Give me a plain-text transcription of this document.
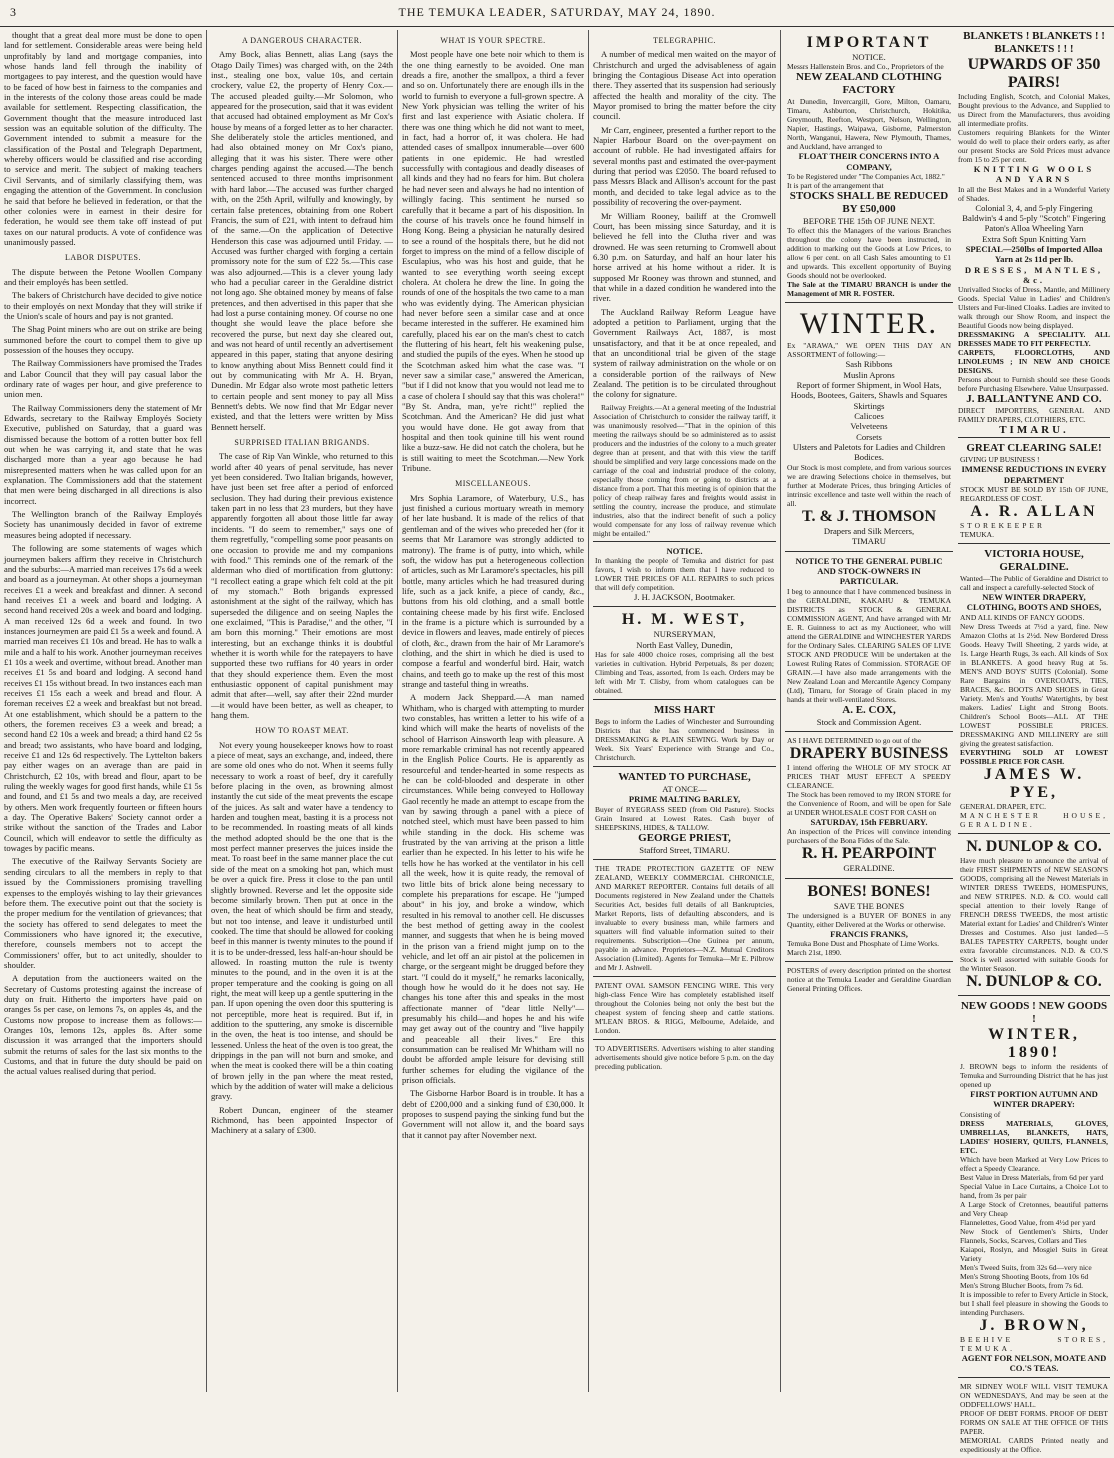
3	THE TEMUKA LEADER, SATURDAY, MAY 24, 1890.

thought that a great deal more must be done to open land for settlement. Considerable areas were being held unprofitably by land and mortgage companies, into whose hands land fell through the inability of mortgagees to pay interest, and the question would have to be faced of how best in fairness to the companies and in the interests of the colony those areas could be made available for settlement. Respecting classification, the Government thought that the measure introduced last session was an equitable solution of the difficulty. The Government intended to submit a measure for the classification of the Postal and Telegraph Department, whereby officers would be classified and rise according to service and merit. The subject of making teachers Civil Servants, and of similarly classifying them, was engaging the attention of the Government. In conclusion he said that before he believed in federation, or that the other colonies were in earnest in their desire for federation, he would see them take off instead of put taxes on our natural products. A vote of confidence was unanimously passed.

LABOR DISPUTES.

The dispute between the Petone Woollen Company and their employés has been settled.

The bakers of Christchurch have decided to give notice to their employés on next Monday that they will strike if the Union's scale of hours and pay is not granted.

The Shag Point miners who are out on strike are being summoned before the court to compel them to give up possession of the houses they occupy.

The Railway Commissioners have promised the Trades and Labor Council that they will pay casual labor the ordinary rate of wages per hour, and give preference to union men.

The Railway Commissioners deny the statement of Mr Edwards, secretary to the Railway Employés Society Executive, published on Saturday, that a guard was dismissed because the bottom of a rotten butter box fell out when he was carrying it, and state that he was discharged more than a year ago because he had misrepresented matters when he was called upon for an explanation. The Commissioners add that the statement that men were being discharged in all directions is also incorrect.

The Wellington branch of the Railway Employés Society has unanimously decided in favor of extreme measures being adopted if necessary.

The following are some statements of wages which journeymen bakers affirm they receive in Christchurch and the suburbs:—A married man receives 17s 6d a week and board as a journeyman. At other shops a journeyman receives £1 a week and breakfast and dinner. A second hand receives £1 a week and board and lodging. A second hand received 20s a week and board and lodging. A man received 12s 6d a week and found. In two instances journeymen are paid £1 5s a week and found. A married man receives £1 10s and bread. He has to walk a mile and a half to his work. Another journeyman receives £1 10s a week and overtime, without bread. Another man receives £1 5s and board and lodging. A second hand receives £1 15s without bread. In two instances each man receives £1 15s each a week and bread and flour. A foreman receives £2 a week and breakfast but not bread. At one establishment, which should be a pattern to the others, the foremen receives £3 a week and bread; a second hand £2 10s a week and bread; a third hand £2 5s and bread; two assistants, who have board and lodging, receive £1 and 12s 6d respectively. The Lyttelton bakers pay either wages on an average than are paid in Christchurch, £2 10s, with bread and flour, apart to be ruling the weekly wages for good first hands, while £1 5s and found, and £1 5s and two meals a day, are received by others. Men work frequently fourteen or fifteen hours a day. The Operative Bakers' Society cannot order a strike without the sanction of the Trades and Labor Council, which will endeavor to settle the difficulty as towages by pacific means.

The executive of the Railway Servants Society are sending circulars to all the members in reply to that issued by the Commissioners promising travelling expenses to the employés wishing to lay their grievances before them. The executive point out that the society is the proper medium for the ventilation of grievances; that the society has offered to send delegates to meet the Commissioners who have ignored it; the executive, therefore, counsels members not to accept the Commissioners' offer, but to act unitedly, shoulder to shoulder.

A deputation from the auctioneers waited on the Secretary of Customs protesting against the increase of duty on fruit. Hitherto the importers have paid on oranges 5s per case, on lemons 7s, on apples 4s, and the Customs now propose to increase them as follows:—Oranges 10s, lemons 12s, apples 8s. After some discussion it was arranged that the importers should submit the returns of sales for the last six months to the Customs, and that in future the duty should be paid on the actual values realised during that period.

A DANGEROUS CHARACTER.

Amy Bock, alias Bennett, alias Lang (says the Otago Daily Times) was charged with, on the 24th inst., stealing one box, value 10s, and certain crockery, value £2, the property of Henry Cox.—The accused pleaded guilty.—Mr Solomon, who appeared for the prosecution, said that it was evident that accused had obtained employment as Mr Cox's house by means of a forged letter as to her character. She deliberately stole the articles mentioned, and had also obtained money on Mr Cox's piano, alleging that it was his sister. There were other charges pending against the accused.—The bench sentenced accused to three months imprisonment with hard labor.—The accused was further charged with, on the 25th April, wilfully and knowingly, by certain false pretences, obtaining from one Robert Francis, the sum of £21, with intent to defraud him of the same.—On the application of Detective Henderson this case was adjourned until Friday. —Accused was further charged with forging a certain promissory note for the sum of £22 5s.—This case was also adjourned.—This is a clever young lady who had a peculiar career in the Geraldine district not long ago. She obtained money by means of false pretences, and then advertised in this paper that she had lost a purse containing money. Of course no one thought she would leave the place before she recovered the purse, but next day she cleared out, and was not heard of until recently an advertisement appeared in this paper, stating that anyone desiring to know anything about Miss Bennett could find it out by communicating with Mr A. H. Bryan, Dunedin. Mr Edgar also wrote most pathetic letters to certain people and sent money to pay all Miss Bennett's debts. We now find that Mr Edgar never existed, and that the letters were written by Miss Bennett herself.

SURPRISED ITALIAN BRIGANDS.

The case of Rip Van Winkle, who returned to this world after 40 years of penal servitude, has never yet been considered. Two Italian brigands, however, have just been set free after a period of enforced seclusion. They had during their previous existence taken part in no less that 23 murders, but they have apparently forgotten all about those little far away incidents. "I do seem to remember," says one of them regretfully, "compelling some poor peasants on one occasion to provide me and my companions with food." This reminds one of the remark of the alderman who died of mortification from gluttony: "I recollect eating a grape which felt cold at the pit of my stomach." Both brigands expressed astonishment at the sight of the railway, which has superseded the diligence and on seeing Naples the one exclaimed, "This is Paradise," and the other, "I am born this morning." Their emotions are most interesting, but an exchange thinks it is doubtful whether it is worth while for the ratepayers to have supported these two ruffians for 40 years in order that they should experience them. Even the most enthusiastic opponent of capital punishment may admit that after—well, say after their 22nd murder—it would have been better, as well as cheaper, to hang them.

HOW TO ROAST MEAT.

Not every young housekeeper knows how to roast a piece of meat, says an exchange, and, indeed, there are some old ones who do not. When it seems fully necessary to work a roast of beef, dry it carefully before placing in the oven, as browning almost instantly the cut side of the meat prevents the escape of the juices. As salt and water have a tendency to harden and toughen meat, basting it is a process not to be recommended. In roasting meats of all kinds the method adopted should be the one that is the most perfect manner preserves the juices inside the meat. To roast beef in the same manner place the cut side of the meat on a smoking hot pan, which must be over a quick fire. Press it close to the pan until slightly browned. Reverse and let the opposite side become similarly brown. Then put at once in the oven, the heat of which should be firm and steady, but not too intense, and leave it undisturbed until cooked. The time that should be allowed for cooking beef in this manner is twenty minutes to the pound if it is to be under-dressed, less half-an-hour should be allowed. In roasting mutton the rule is twenty minutes to the pound, and in the oven it is at the proper temperature and the cooking is going on all right, the meat will keep up a gentle sputtering in the pan. If upon opening the oven door this sputtering is not perceptible, more heat is required. But if, in addition to the sputtering, any smoke is discernible in the oven, the heat is too intense, and should be lessened. Unless the heat of the oven is too great, the drippings in the pan will not burn and smoke, and when the meat is cooked there will be a thin coating of brown jelly in the pan where the meat rested, which by the addition of water will make a delicious gravy.

Robert Duncan, engineer of the steamer Richmond, has been appointed Inspector of Machinery at a salary of £300.

WHAT IS YOUR SPECTRE.

Most people have one bete noir which to them is the one thing earnestly to be avoided. One man dreads a fire, another the smallpox, a third a fever and so on. Unfortunately there are enough ills in the world to furnish to everyone a full-grown spectre. A New York physician was telling the writer of his first and last experience with Asiatic cholera. If there was one thing which he did not want to meet, in fact, had a horror of, it was cholera. He had attended cases of smallpox innumerable—over 600 patients in one epidemic. He had wrestled successfully with contagious and deadly diseases of all kinds and they had no fears for him. But cholera he had never seen and always he had no intention of willingly facing. This sentiment he nursed so carefully that it became a part of his disposition. In the course of his travels once he found himself in Hong Kong. Being a physician he naturally desired to see a round of the hospitals there, but he did not forget to impress on the mind of a fellow disciple of Esculapius, who was his host and guide, that he wanted to see everything worth seeing except cholera. At cholera he drew the line. In going the rounds of one of the hospitals the two came to a man who was evidently dying. The American physician had never before seen a similar case and at once became interested in the sufferer. He examined him carefully, placed his ear on the man's chest to catch the fluttering of his heart, felt his weakening pulse, and studied the pupils of the eyes. When he stood up the Scotchman asked him what the case was. "I never saw a similar case," answered the American, "but if I did not know that you would not lead me to a case of cholera I should say that this was cholera!" "By St. Andra, man, ye're richt!" replied the Scotchman. And the American? He did just what you would have done. He got away from that hospital and then took quinine till his went round like a buzz-saw. He did not catch the cholera, but he is still waiting to meet the Scotchman.—New York Tribune.

MISCELLANEOUS.

Mrs Sophia Laramore, of Waterbury, U.S., has just finished a curious mortuary wreath in memory of her late husband. It is made of the relics of that gentleman and of the wives who preceded her (for it seems that Mr Laramore was strongly addicted to matrony). The frame is of putty, into which, while soft, the widow has put a heterogeneous collection of articles, such as Mr Laramore's spectacles, his pill bottle, many articles which he had treasured during life, such as a jack knife, a piece of candy, &c., buttons from his old clothing, and a small bottle containing cheese made by his first wife. Enclosed in the frame is a picture which is surrounded by a device in flowers and leaves, made entirely of pieces of cloth, &c., drawn from the hair of Mr Laramore's clothing, and the shirt in which he died is used to compose a fearful and wonderful bird. Hair, watch chains, and teeth go to make up the rest of this most strange and tasteful thing in wreaths.

A modern Jack Sheppard.—A man named Whitham, who is charged with attempting to murder two constables, has written a letter to his wife of a kind which will make the hearts of novelists of the school of Harrison Ainsworth leap with pleasure. A more remarkable criminal has not recently appeared in the English Police Courts. He is apparently as resourceful and tender-hearted in some respects as he can be cold-blooded and desperate in other circumstances. While being conveyed to Holloway Gaol recently he made an attempt to escape from the van by sawing through a panel with a piece of notched steel, which must have been passed to him while standing in the dock. His scheme was frustrated by the van arriving at the prison a little earlier than he expected. In his letter to his wife he tells how he has worked at the ventilator in his cell all the week, how it is quite ready, the removal of two little bits of brick alone being necessary to complete his preparations for escape. He "jumped about" in his joy, and broke a window, which resulted in his removal to another cell. He discusses the best method of getting away in the coolest manner, and suggests that when he is being moved in the prison van a friend might jump on to the vehicle, and let off an air pistol at the policemen in charge, or the sergeant might be drugged before they start. "I could do it myself," he remarks laconically, though how he would do it he does not say. He changes his tone after this and speaks in the most affectionate manner of "dear little Nelly"—presumably his child—and hopes he and his wife may get away out of the country and "live happily and peaceable all their lives." Ere this consummation can be realised Mr Whitham will no doubt be afforded ample leisure for devising still further schemes for eluding the vigilance of the prison officials.

The Gisborne Harbor Board is in trouble. It has a debt of £200,000 and a sinking fund of £30,000. It proposes to suspend paying the sinking fund but the Government will not allow it, and the board says that it cannot pay after November next.

TELEGRAPHIC.

A number of medical men waited on the mayor of Christchurch and urged the advisableness of again bringing the Contagious Disease Act into operation there. They asserted that its suspension had seriously affected the health and morality of the city. The Mayor promised to bring the matter before the city council.

Mr Carr, engineer, presented a further report to the Napier Harbour Board on the over-payment on account of rubble. He had investigated affairs for several months past and estimated the over-payment during that period was £2050. The board refused to pass Messrs Black and Allison's account for the past month, and decided to take legal advice as to the possibility of recovering the over-payment.

Mr William Rooney, bailiff at the Cromwell Court, has been missing since Saturday, and it is believed he fell into the Clutha river and was drowned. He was seen returning to Cromwell about 6.30 p.m. on Saturday, and half an hour later his horse arrived at his home without a rider. It is supposed Mr Rooney was thrown and stunned, and that while in a dazed condition he wandered into the river.

The Auckland Railway Reform League have adopted a petition to Parliament, urging that the Government Railways Act, 1887, is most unsatisfactory, and that it be at once repealed, and that an unconditional trial be given of the stage system of railway administration on the whole or on a considerable portion of the railways of New Zealand. The petition is to be circulated throughout the colony for signature.

Railway Freights.—At a general meeting of the Industrial Association of Christchurch to consider the railway tariff, it was unanimously resolved—"That in the opinion of this meeting the railways should be so administered as to assist producers and the industries of the colony to a much greater degree than at present, and that with this view the tariff should be simplified and very large concessions made on the carriage of the coal and industrial produce of the colony, especially those coming from or going to districts at a distance from a port. That this meeting is of opinion that the policy of cheap railway fares and freights would assist in settling the country, increase the produce, and stimulate industries, also that the indirect benefit of such a policy would compensate for any loss of railway revenue which might be entailed."

NOTICE.
In thanking the people of Temuka and district for past favors, I wish to inform them that I have reduced to LOWER THE PRICES OF ALL REPAIRS to such prices that will defy competition.
J. H. JACKSON, Bootmaker.
H. M. WEST,
NURSERYMAN,
North East Valley, Dunedin,
Has for sale 4000 choice roses, comprising all the best varieties in cultivation. Hybrid Perpetuals, 8s per dozen; Climbing and Teas, assorted, from 1s each. Orders may be left with Mr T. Clisby, from whom catalogues can be obtained.
MISS HART
Begs to inform the Ladies of Winchester and Surrounding Districts that she has commenced business in DRESSMAKING & PLAIN SEWING. Work by Day or Week. Six Years' Experience with Strange and Co., Christchurch.
WANTED TO PURCHASE,
AT ONCE—
PRIME MALTING BARLEY,
Buyer of RYEGRASS SEED (from Old Pasture). Stocks Grain Insured at Lowest Rates. Cash buyer of SHEEPSKINS, HIDES, & TALLOW.
GEORGE PRIEST,
Stafford Street, TIMARU.
THE TRADE PROTECTION GAZETTE OF NEW ZEALAND, WEEKLY COMMERCIAL CHRONICLE, AND MARKET REPORTER. Contains full details of all Documents registered in New Zealand under the Chattels Securities Act, besides full details of all Bankruptcies, Market Reports, lists of defaulting absconders, and is invaluable to every business man, while farmers and squatters will find valuable information suited to their requirements. Subscription—One Guinea per annum, payable in advance. Proprietors—N.Z. Mutual Creditors Association (Limited). Agents for Temuka—Mr E. Pilbrow and Mr J. Ashwell.
PATENT OVAL SAMSON FENCING WIRE. This very high-class Fence Wire has completely established itself throughout the Colonies being not only the best but the cheapest system of fencing sheep and cattle stations. M'LEAN BROS. & RIGG, Melbourne, Adelaide, and London.
TO ADVERTISERS. Advertisers wishing to alter standing advertisements should give notice before 5 p.m. on the day preceding publication.
IMPORTANT
NOTICE.
Messrs Hallenstein Bros. and Co., Proprietors of the
NEW ZEALAND CLOTHING FACTORY
At Dunedin, Invercargill, Gore, Milton, Oamaru, Timaru, Ashburton, Christchurch, Hokitika, Greymouth, Reefton, Westport, Nelson, Wellington, Napier, Hastings, Waipawa, Gisborne, Palmerston North, Wanganui, Hawera, New Plymouth, Thames, and Auckland, have arranged to
FLOAT THEIR CONCERNS INTO A COMPANY,
To be Registered under "The Companies Act, 1882."
It is part of the arrangement that
STOCKS SHALL BE REDUCED BY £50,000
BEFORE THE 15th OF JUNE NEXT.
To effect this the Managers of the various Branches throughout the colony have been instructed, in addition to marking out the Goods at Low Prices, to allow 6 per cent. on all Cash Sales amounting to £1 and upwards. This excellent opportunity of Buying Goods should not be overlooked.
The Sale at the TIMARU BRANCH is under the Management of MR R. FOSTER.
WINTER.
Ex "ARAWA," WE OPEN THIS DAY AN ASSORTMENT of following:—
Sash Ribbons
Muslin Aprons
Report of former Shipment, in Wool Hats, Hoods, Bootees, Gaiters, Shawls and Squares
Skirtings
Calicoes
Velveteens
Corsets
Ulsters and Paletots for Ladies and Children
Bodices.
Our Stock is most complete, and from various sources we are drawing Selections choice in themselves, but further at Moderate Prices, thus bringing Articles of intrinsic excellence and taste well within the reach of all.
T. & J. THOMSON
Drapers and Silk Mercers,
TIMARU
NOTICE TO THE GENERAL PUBLIC AND STOCK-OWNERS IN PARTICULAR.
I beg to announce that I have commenced business in the GERALDINE, KAKAHU & TEMUKA DISTRICTS as STOCK & GENERAL COMMISSION AGENT, And have arranged with Mr E. R. Guinness to act as my Auctioneer, who will attend the GERALDINE and WINCHESTER YARDS for the Ordinary Sales. CLEARING SALES OF LIVE STOCK AND PRODUCE Will be undertaken at the Lowest Ruling Rates of Commission. STORAGE OF GRAIN.—I have also made arrangements with the New Zealand Loan and Mercantile Agency Company (Ltd), Timaru, for Storage of Grain placed in my hands at their well-ventilated Stores.
A. E. COX,
Stock and Commission Agent.
AS I HAVE DETERMINED to go out of the
DRAPERY BUSINESS
I intend offering the WHOLE OF MY STOCK AT PRICES THAT MUST EFFECT A SPEEDY CLEARANCE.
The Stock has been removed to my IRON STORE for the Convenience of Room, and will be open for Sale at UNDER WHOLESALE COST FOR CASH on
SATURDAY, 15th FEBRUARY.
An inspection of the Prices will convince intending purchasers of the Bona Fides of the Sale.
R. H. PEARPOINT
GERALDINE.
BONES! BONES!
SAVE THE BONES
The undersigned is a BUYER OF BONES in any Quantity, either Delivered at the Works or otherwise.
FRANCIS FRANKS,
Temuka Bone Dust and Phosphate of Lime Works.
March 21st, 1890.
POSTERS of every description printed on the shortest notice at the Temuka Leader and Geraldine Guardian General Printing Offices.
BLANKETS ! BLANKETS ! ! BLANKETS ! ! !
UPWARDS OF 350 PAIRS!
Including English, Scotch, and Colonial Makes, Bought previous to the Advance, and Supplied to us Direct from the Manufacturers, thus avoiding all intermediate profits.
Customers requiring Blankets for the Winter would do well to place their orders early, as after our present Stocks are Sold Prices must advance from 15 to 25 per cent.
KNITTING WOOLS AND YARNS
In all the Best Makes and in a Wonderful Variety of Shades.
Colonial 3, 4, and 5-ply Fingering
Baldwin's 4 and 5-ply "Scotch" Fingering
Paton's Alloa Wheeling Yarn
Extra Soft Spun Knitting Yarn
SPECIAL—250lbs of Imported Alloa Yarn at 2s 11d per lb.
DRESSES, MANTLES, &c.
Unrivalled Stocks of Dress, Mantle, and Millinery Goods. Special Value in Ladies' and Children's Ulsters and Fur-lined Cloaks. Ladies are invited to walk through our Show Room, and inspect the Beautiful Goods now being displayed.
DRESSMAKING A SPECIALITY. ALL DRESSES MADE TO FIT PERFECTLY.
CARPETS, FLOORCLOTHS, AND LINOLEUMS ; IN NEW AND CHOICE DESIGNS.
Persons about to Furnish should see these Goods before Purchasing Elsewhere. Value Unsurpassed.
J. BALLANTYNE AND CO.
DIRECT IMPORTERS, GENERAL AND FAMILY DRAPERS, CLOTHIERS, ETC.
TIMARU.
GREAT CLEARING SALE!
GIVING UP BUSINESS !
IMMENSE REDUCTIONS IN EVERY DEPARTMENT
STOCK MUST BE SOLD BY 15th OF JUNE, REGARDLESS OF COST.
A. R. ALLAN
STOREKEEPER
TEMUKA.
VICTORIA HOUSE, GERALDINE.
Wanted—The Public of Geraldine and District to call and inspect a carefully-selected Stock of
NEW WINTER DRAPERY, CLOTHING, BOOTS AND SHOES,
AND ALL KINDS OF FANCY GOODS.
New Dress Tweeds at 7½d a yard, fine. New Amazon Cloths at 1s 2½d. New Bordered Dress Goods. Heavy Twill Sheeting, 2 yards wide, at 1s. Large Hearth Rugs, 3s each. All kinds of Sox in BLANKETS. A good heavy Rug at 5s. MEN'S AND BOYS' SUITS (Colonial). Some Rare Bargains in OVERCOATS, TIES, BRACES, &c. BOOTS AND SHOES in Great Variety. Men's and Youths' Watertights, by best makers. Ladies' Light and Strong Boots. Children's School Boots—ALL AT THE LOWEST POSSIBLE PRICES. DRESSMAKING AND MILLINERY are still giving the greatest satisfaction.
EVERYTHING SOLD AT LOWEST POSSIBLE PRICE FOR CASH.
JAMES W. PYE,
GENERAL DRAPER, ETC.
MANCHESTER HOUSE, GERALDINE.
N. DUNLOP & CO.
Have much pleasure to announce the arrival of their FIRST SHIPMENTS of NEW SEASON'S GOODS, comprising all the Newest Materials in WINTER DRESS TWEEDS, HOMESPUNS, and NEW STRIPES. N.D. & CO. would call special attention to their lovely Range of FRENCH DRESS TWEEDS, the most artistic Material extant for Ladies' and Children's Winter Dresses and Costumes. Also just landed—5 BALES TAPESTRY CARPETS, bought under extra favorable circumstances. N.D. & CO.'S Stock is well assorted with suitable Goods for the Winter Season.
N. DUNLOP & CO.
NEW GOODS ! NEW GOODS !
WINTER, 1890!
J. BROWN begs to inform the residents of Temuka and Surrounding District that he has just opened up
FIRST PORTION AUTUMN AND WINTER DRAPERY:
Consisting of
DRESS MATERIALS, GLOVES, UMBRELLAS, BLANKETS, HATS, LADIES' HOSIERY, QUILTS, FLANNELS, ETC.
Which have been Marked at Very Low Prices to effect a Speedy Clearance.
Best Value in Dress Materials, from 6d per yard
Special Value in Lace Curtains, a Choice Lot to hand, from 3s per pair
A Large Stock of Cretonnes, beautiful patterns and Very Cheap
Flannelettes, Good Value, from 4½d per yard
New Stock of Gentlemen's Shirts, Under Flannels, Socks, Scarves, Collars and Ties
Kaiapoi, Roslyn, and Mosgiel Suits in Great Variety
Men's Tweed Suits, from 32s 6d—very nice
Men's Strong Shooting Boots, from 10s 6d
Men's Strong Blucher Boots, from 7s 6d.
It is impossible to refer to Every Article in Stock, but I shall feel pleasure in showing the Goods to intending Purchasers.
J. BROWN,
BEEHIVE STORES, TEMUKA.
AGENT FOR NELSON, MOATE AND CO.'S TEAS.
MR SIDNEY WOLF WILL VISIT TEMUKA ON WEDNESDAYS, And may be seen at the ODDFELLOWS' HALL.
PROOF OF DEBT FORMS. PROOF OF DEBT FORMS ON SALE AT THE OFFICE OF THIS PAPER.
MEMORIAL CARDS Printed neatly and expeditiously at the Office.
